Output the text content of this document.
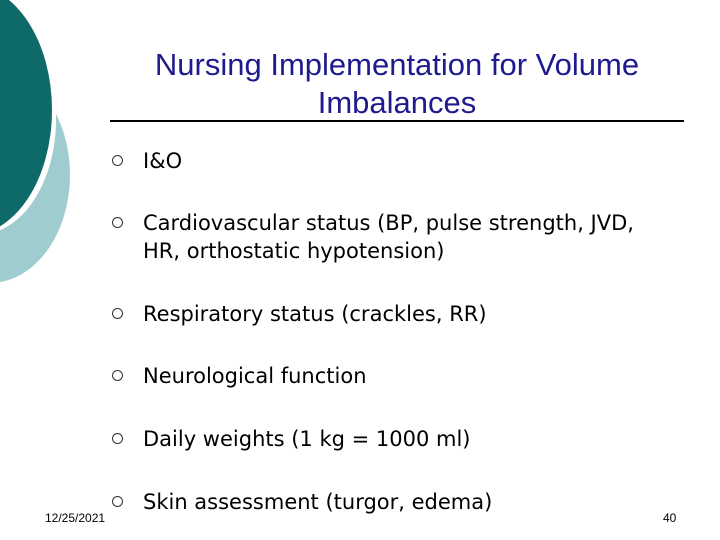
Nursing Implementation for Volume Imbalances
I&O
Cardiovascular status (BP, pulse strength, JVD, HR, orthostatic hypotension)
Respiratory status (crackles, RR)
Neurological function
Daily weights (1 kg = 1000 ml)
Skin assessment (turgor, edema)
12/25/2021	40
